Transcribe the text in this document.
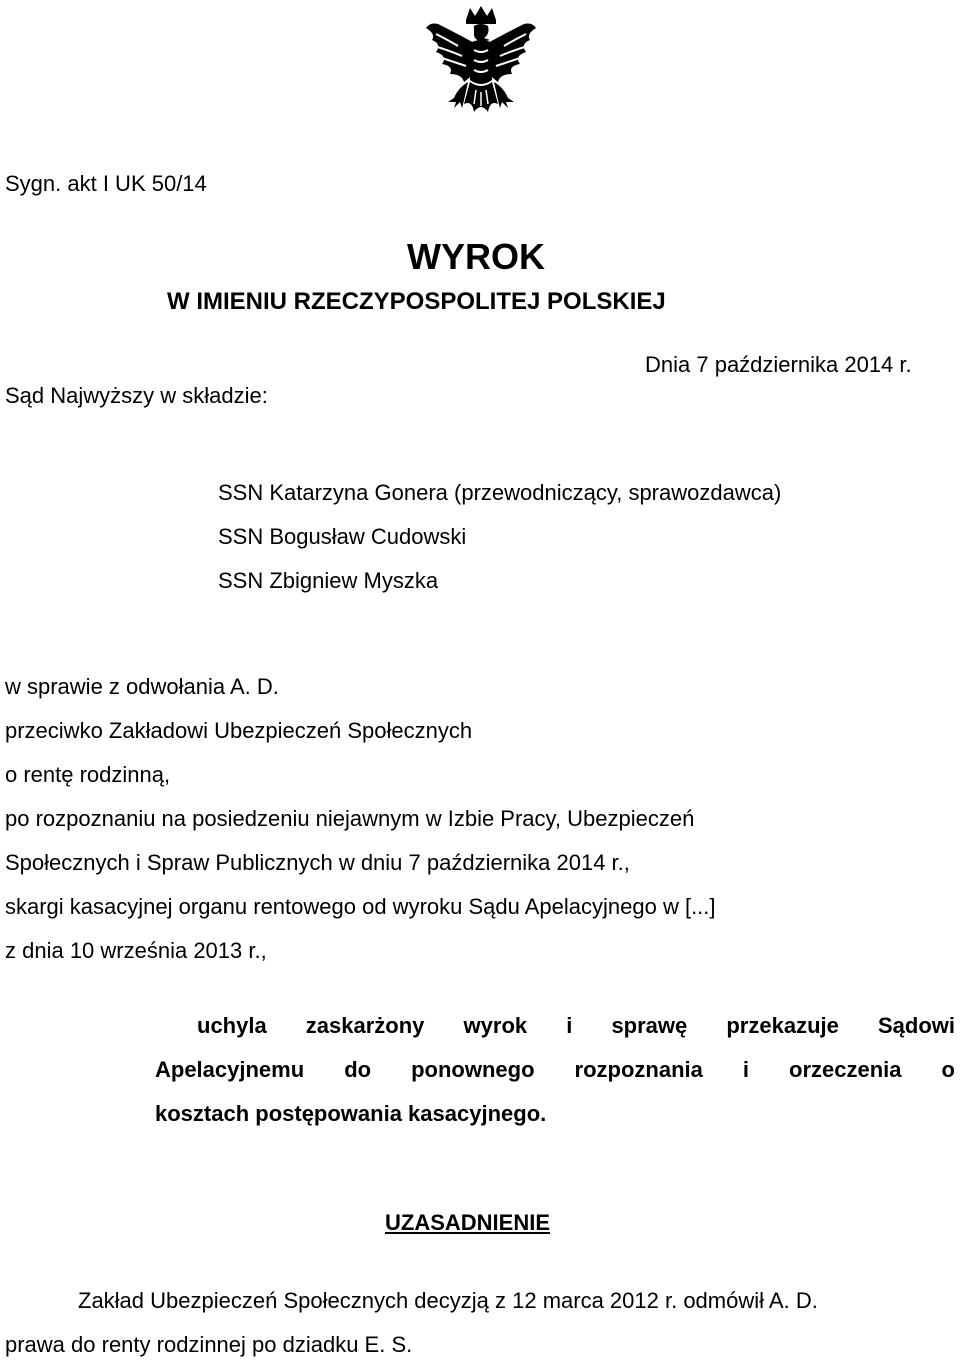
Sygn. akt I UK 50/14
WYROK
W IMIENIU RZECZYPOSPOLITEJ POLSKIEJ
Dnia 7 października 2014 r.
Sąd Najwyższy w składzie:
SSN Katarzyna Gonera (przewodniczący, sprawozdawca)
SSN Bogusław Cudowski
SSN Zbigniew Myszka
w sprawie z odwołania A. D.
przeciwko Zakładowi Ubezpieczeń Społecznych
o rentę rodzinną,
po rozpoznaniu na posiedzeniu niejawnym w Izbie Pracy, Ubezpieczeń
Społecznych i Spraw Publicznych w dniu 7 października 2014 r.,
skargi kasacyjnej organu rentowego od wyroku Sądu Apelacyjnego w [...]
z dnia 10 września 2013 r.,
uchyla zaskarżony wyrok i sprawę przekazuje Sądowi
Apelacyjnemu do ponownego rozpoznania i orzeczenia o
kosztach postępowania kasacyjnego.
UZASADNIENIE
Zakład Ubezpieczeń Społecznych decyzją z 12 marca 2012 r. odmówił A. D.
prawa do renty rodzinnej po dziadku E. S.
